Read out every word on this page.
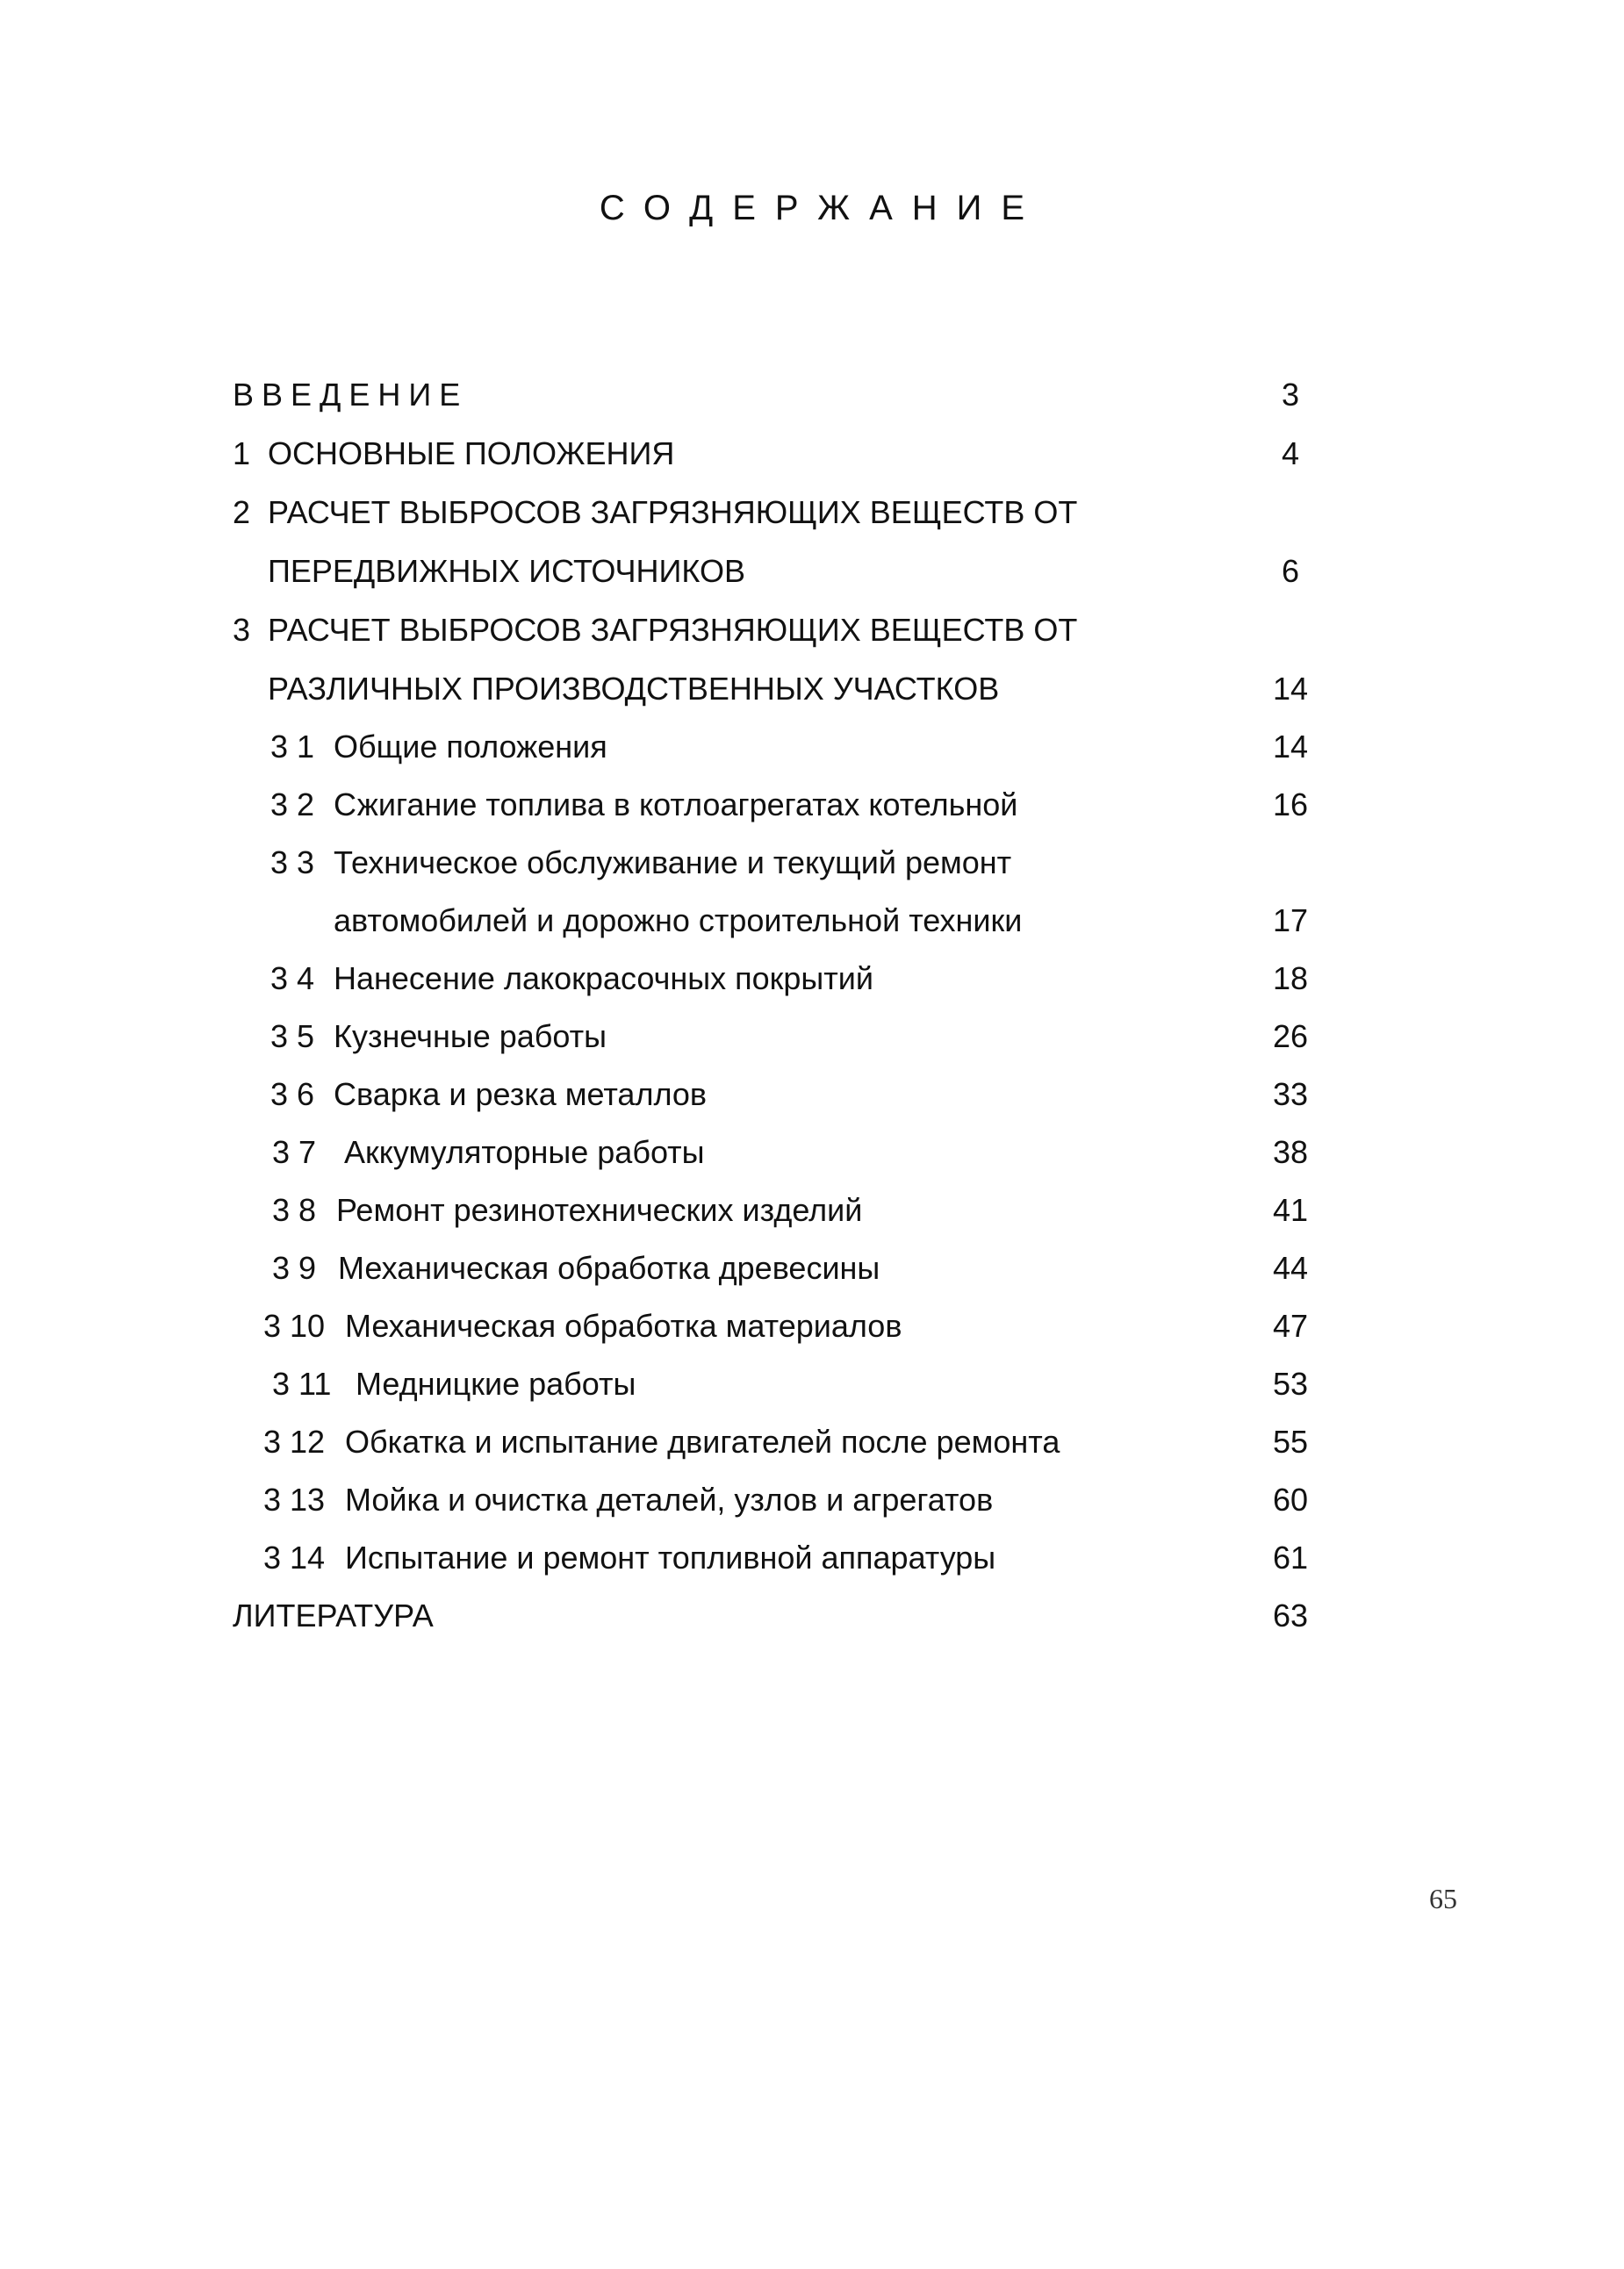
СОДЕРЖАНИЕ
ВВЕДЕНИЕ	3
1 ОСНОВНЫЕ ПОЛОЖЕНИЯ	4
2 РАСЧЕТ ВЫБРОСОВ ЗАГРЯЗНЯЮЩИХ ВЕЩЕСТВ ОТ
ПЕРЕДВИЖНЫХ ИСТОЧНИКОВ	6
3 РАСЧЕТ ВЫБРОСОВ ЗАГРЯЗНЯЮЩИХ ВЕЩЕСТВ ОТ
РАЗЛИЧНЫХ ПРОИЗВОДСТВЕННЫХ УЧАСТКОВ	14
3 1 Общие положения	14
3 2 Сжигание топлива в котлоагрегатах котельной	16
3 3 Техническое обслуживание и текущий ремонт
автомобилей и дорожно строительной техники	17
3 4 Нанесение лакокрасочных покрытий	18
3 5 Кузнечные работы	26
3 6 Сварка и резка металлов	33
3 7 Аккумуляторные работы	38
3 8 Ремонт резинотехнических изделий	41
3 9 Механическая обработка древесины	44
3 10 Механическая обработка материалов	47
3 11 Медницкие работы	53
3 12 Обкатка и испытание двигателей после ремонта	55
3 13 Мойка и очистка деталей, узлов и агрегатов	60
3 14 Испытание и ремонт топливной аппаратуры	61
ЛИТЕРАТУРА	63
65
